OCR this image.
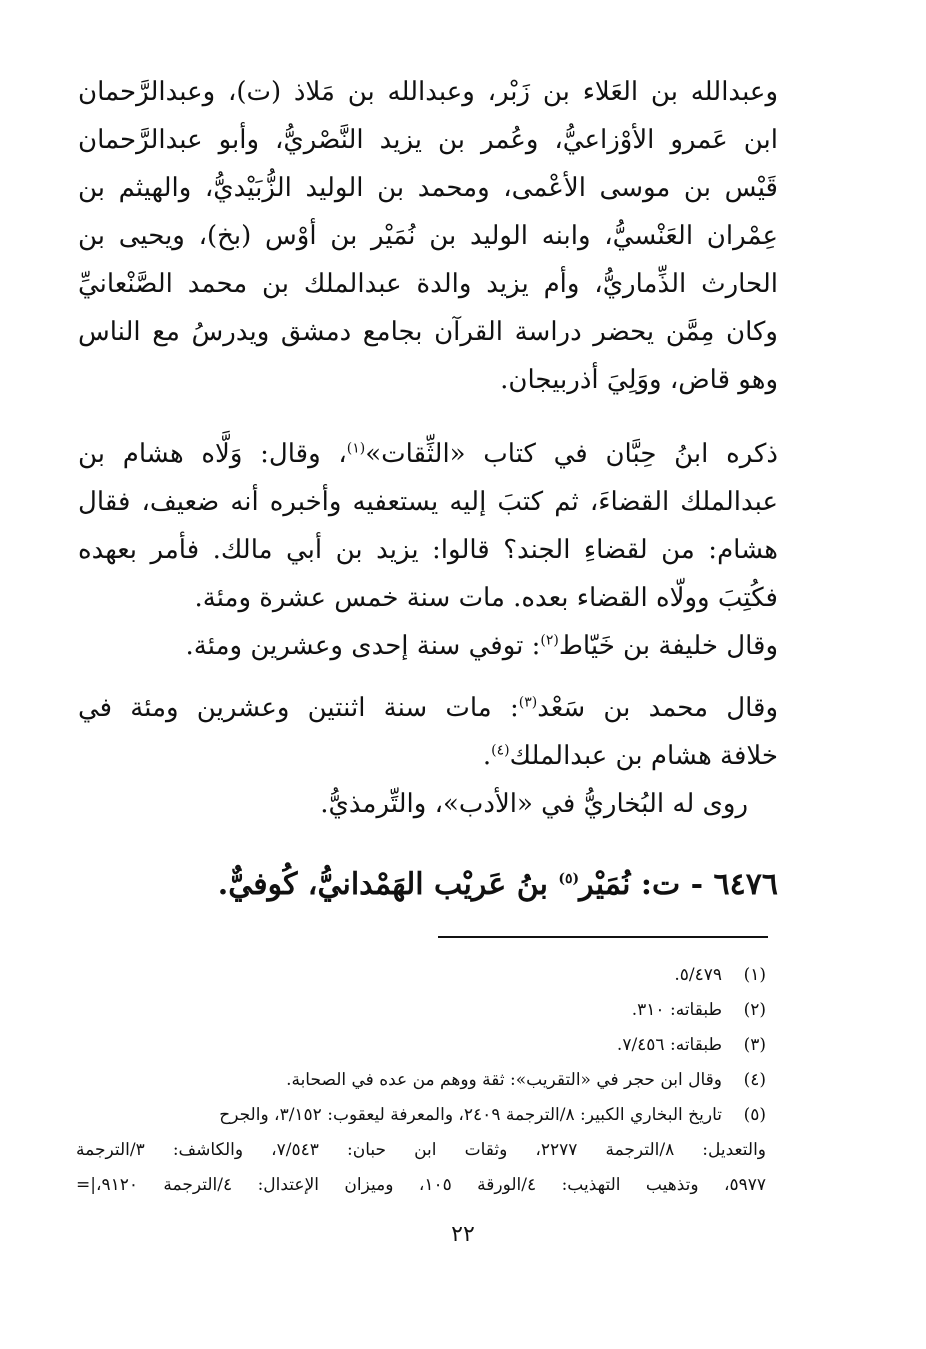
وعبدالله بن العَلاء بن زَبْر، وعبدالله بن مَلاذ (ت)، وعبدالرَّحمان
ابن عَمرو الأوْزاعيُّ، وعُمر بن يزيد النَّصْريُّ، وأبو عبدالرَّحمان
قَيْس بن موسى الأعْمى، ومحمد بن الوليد الزُّبَيْديُّ، والهيثم بن
عِمْران العَنْسيُّ، وابنه الوليد بن نُمَيْر بن أوْس (بخ)، ويحيى بن
الحارث الذِّماريُّ، وأم يزيد والدة عبدالملك بن محمد الصَّنْعانيِّ
وكان مِمَّن يحضر دراسة القرآن بجامع دمشق ويدرسُ مع الناس
وهو قاض، ووَلِيَ أذربيجان.
ذكره ابنُ حِبَّان في كتاب «الثِّقات»$^{(١)}$، وقال: وَلَّاه هشام بن
عبدالملك القضاءَ، ثم كتبَ إليه يستعفيه وأخبره أنه ضعيف، فقال
هشام: من لقضاءِ الجند؟ قالوا: يزيد بن أبي مالك. فأمر بعهده
فكُتِبَ وولّاه القضاء بعده. مات سنة خمس عشرة ومئة.
وقال خليفة بن خَيّاط$^{(٢)}$: توفي سنة إحدى وعشرين ومئة.
وقال محمد بن سَعْد$^{(٣)}$: مات سنة اثنتين وعشرين ومئة في
خلافة هشام بن عبدالملك$^{(٤)}$.
روى له البُخاريُّ في «الأدب»، والتِّرمذيُّ.
٦٤٧٦ - ت: نُمَيْر$^{(٥)}$ بنُ عَريْب الهَمْدانيُّ، كُوفيٌّ.
(١)
٥/٤٧٩.
(٢)
طبقاته: ٣١٠.
(٣)
طبقاته: ٧/٤٥٦.
(٤)
وقال ابن حجر في «التقريب»: ثقة ووهم من عده في الصحابة.
(٥)
تاريخ البخاري الكبير: ٨/الترجمة ٢٤٠٩، والمعرفة ليعقوب: ٣/١٥٢، والجرح
والتعديل: ٨/الترجمة ٢٢٧٧، وثقات ابن حبان: ٧/٥٤٣، والكاشف: ٣/الترجمة
٥٩٧٧، وتذهيب التهذيب: ٤/الورقة ١٠٥، وميزان الإعتدال: ٤/الترجمة ٩١٢٠،|=
٢٢
